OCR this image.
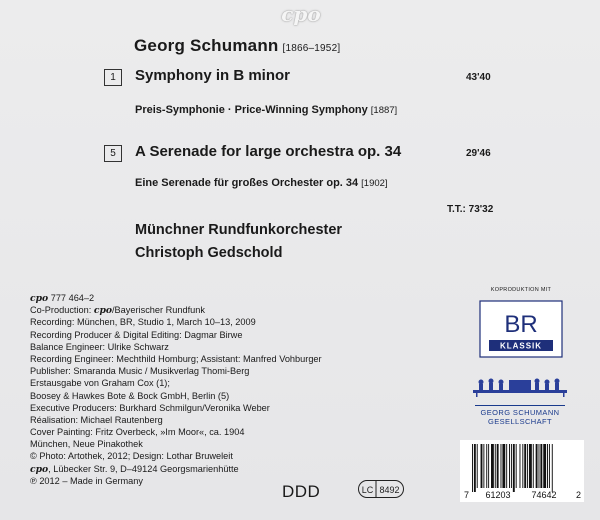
cpo
Georg Schumann [1866–1952]
1	Symphony in B minor	43'40
Preis-Symphonie · Price-Winning Symphony [1887]
5	A Serenade for large orchestra op. 34	29'46
Eine Serenade für großes Orchester op. 34 [1902]
T.T.: 73'32
Münchner Rundfunkorchester
Christoph Gedschold
cpo 777 464–2
Co-Production: cpo/Bayerischer Rundfunk
Recording: München, BR, Studio 1, March 10–13, 2009
Recording Producer & Digital Editing: Dagmar Birwe
Balance Engineer: Ulrike Schwarz
Recording Engineer: Mechthild Homburg; Assistant: Manfred Vohburger
Publisher: Smaranda Music / Musikverlag Thomi-Berg
Erstausgabe von Graham Cox (1);
Boosey & Hawkes Bote & Bock GmbH, Berlin (5)
Executive Producers: Burkhard Schmilgun/Veronika Weber
Réalisation: Michael Rautenberg
Cover Painting: Fritz Overbeck, »Im Moor«, ca. 1904
München, Neue Pinakothek
© Photo: Artothek, 2012; Design: Lothar Bruweleit
cpo, Lübecker Str. 9, D–49124 Georgsmarienhütte
℗ 2012 – Made in Germany
KOPRODUKTION MIT
BR
KLASSIK
GEORG SCHUMANN
GESELLSCHAFT
DDD	LC 8492	7 61203 74642 2
